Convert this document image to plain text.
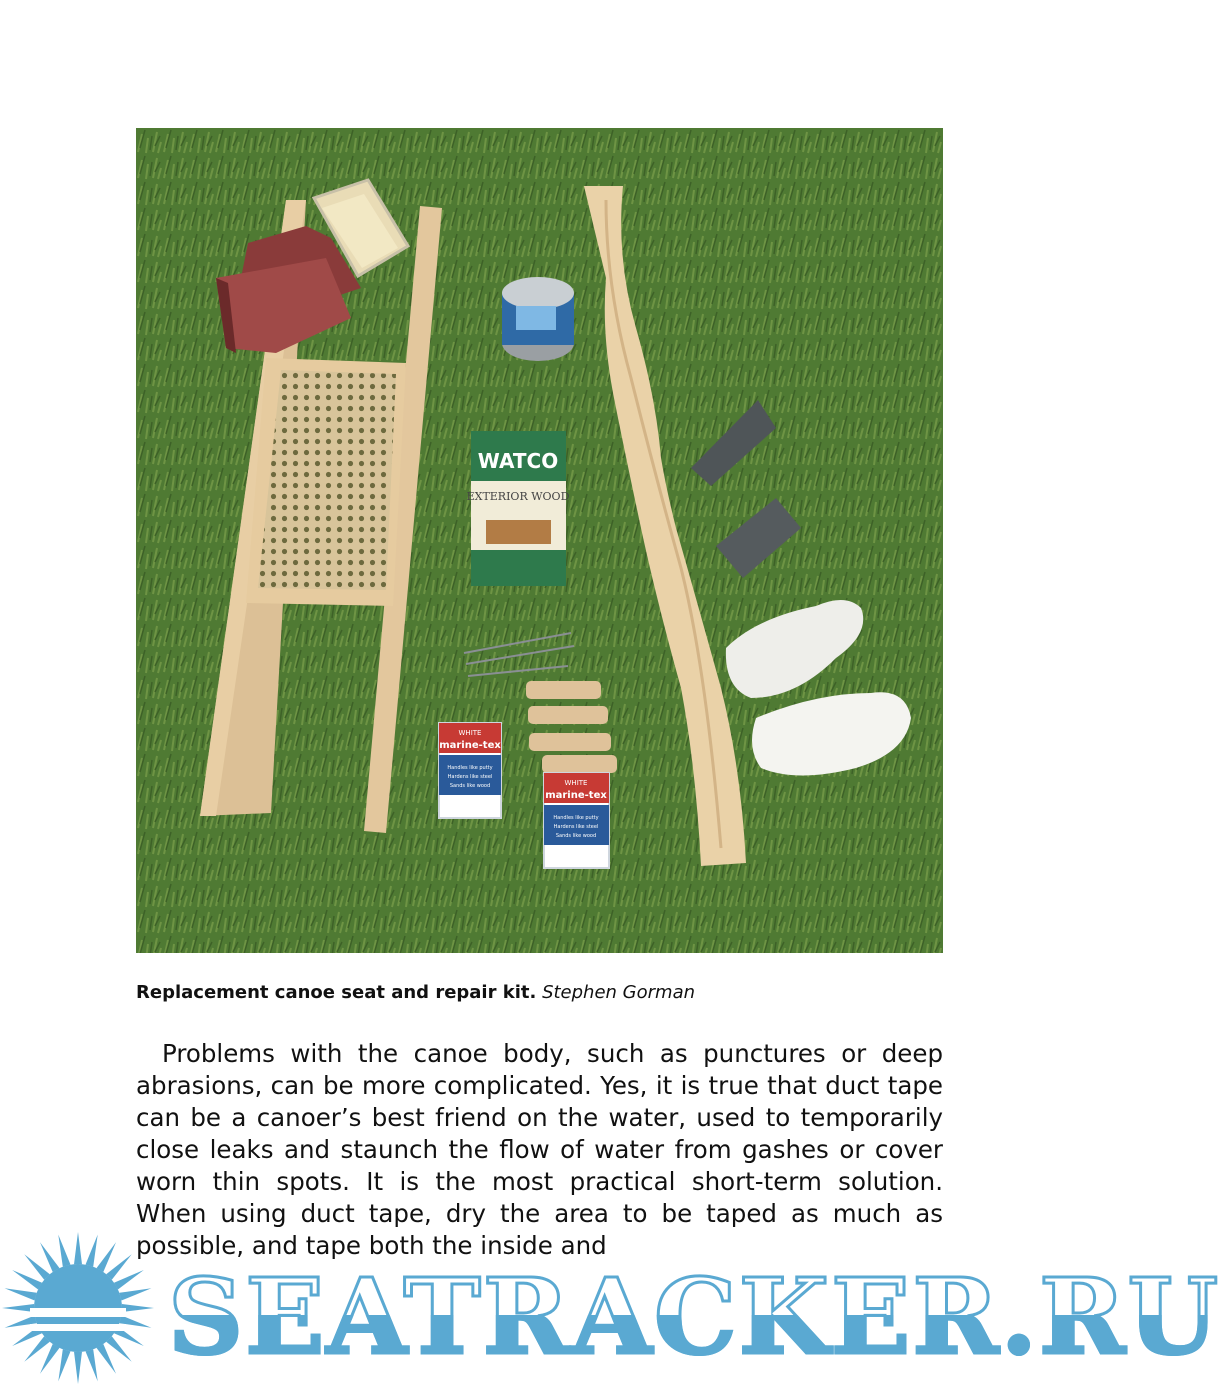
WATCO
EXTERIOR WOOD
WHITE
marine-tex
Handles like putty
Hardens like steel
Sands like wood	WHITE
marine-tex
Handles like putty
Hardens like steel
Sands like wood
Replacement canoe seat and repair kit. Stephen Gorman

Problems with the canoe body, such as punctures or deep abrasions, can be more complicated. Yes, it is true that duct tape can be a canoer’s best friend on the water, used to temporarily close leaks and staunch the flow of water from gashes or cover worn thin spots. It is the most practical short-term solution. When using duct tape, dry the area to be taped as much as possible, and tape both the inside and

SEATRACKER.RU
